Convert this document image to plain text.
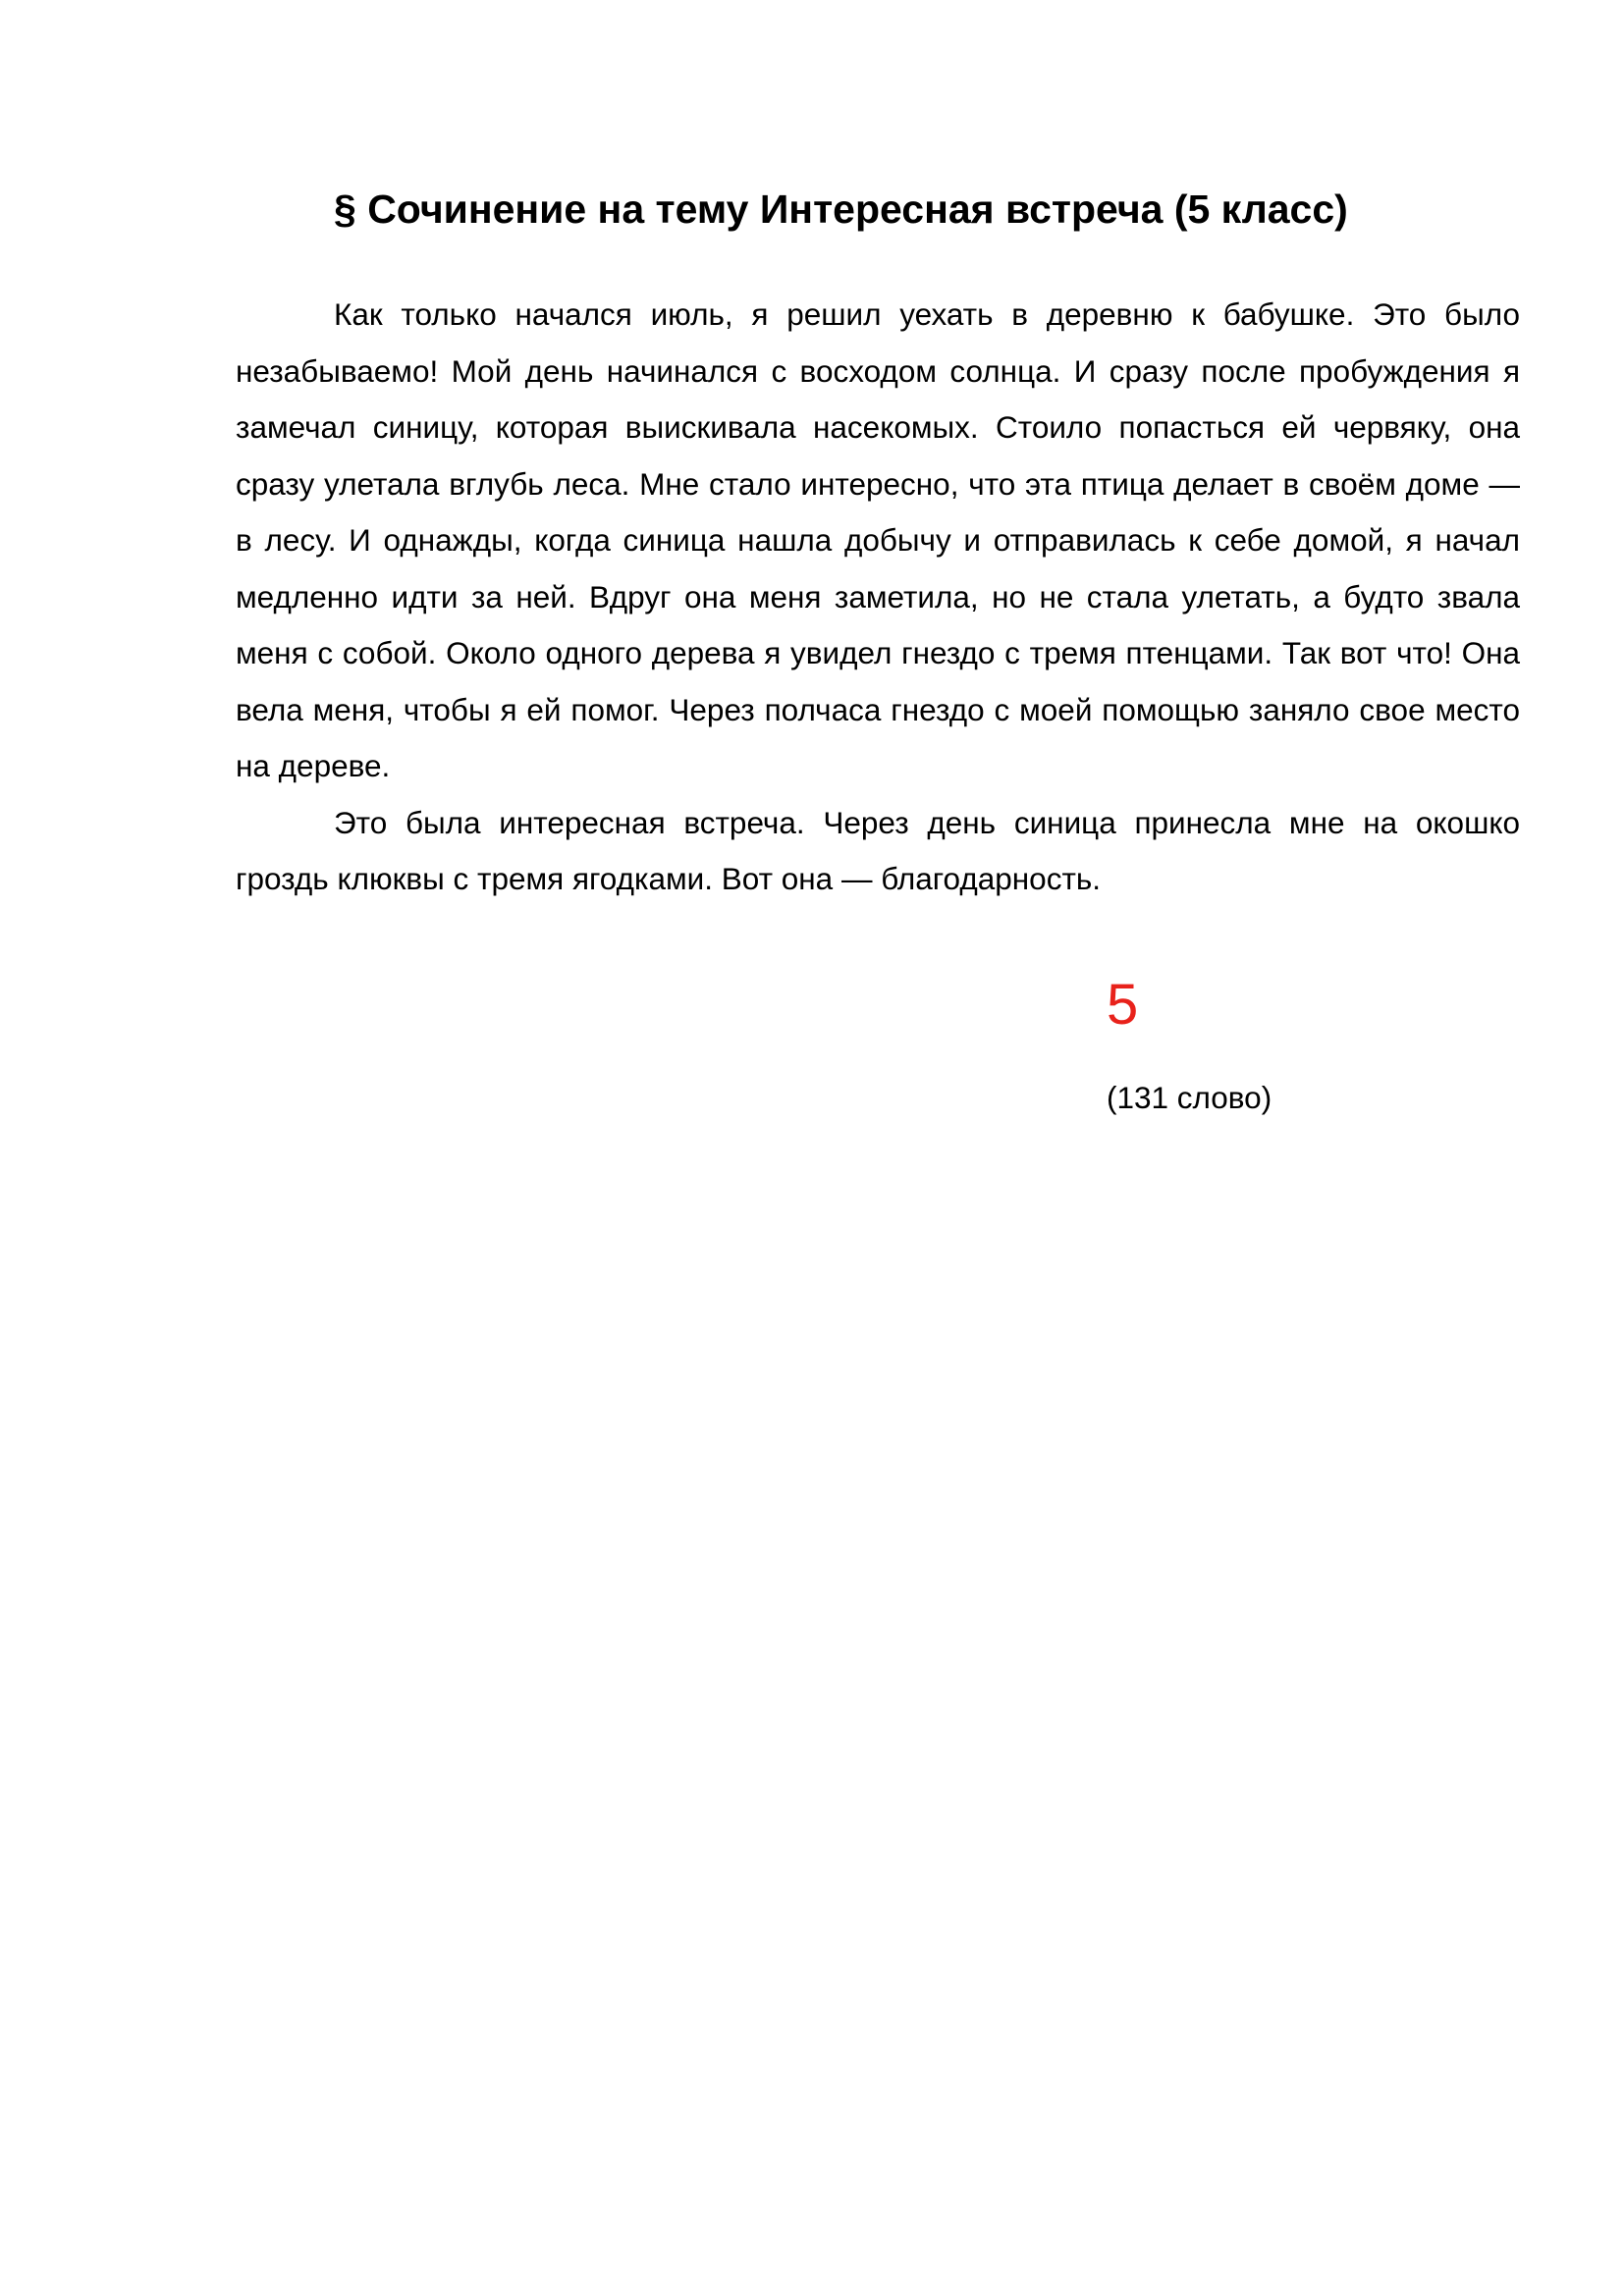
§ Сочинение на тему Интересная встреча (5 класс)

Как только начался июль, я решил уехать в деревню к бабушке. Это было незабываемо! Мой день начинался с восходом солнца. И сразу после пробуждения я замечал синицу, которая выискивала насекомых. Стоило попасться ей червяку, она сразу улетала вглубь леса. Мне стало интересно, что эта птица делает в своём доме — в лесу. И однажды, когда синица нашла добычу и отправилась к себе домой, я начал медленно идти за ней. Вдруг она меня заметила, но не стала улетать, а будто звала меня с собой. Около одного дерева я увидел гнездо с тремя птенцами. Так вот что! Она вела меня, чтобы я ей помог. Через полчаса гнездо с моей помощью заняло свое место на дереве.

Это была интересная встреча. Через день синица принесла мне на окошко гроздь клюквы с тремя ягодками. Вот она — благодарность.

5
(131 слово)
